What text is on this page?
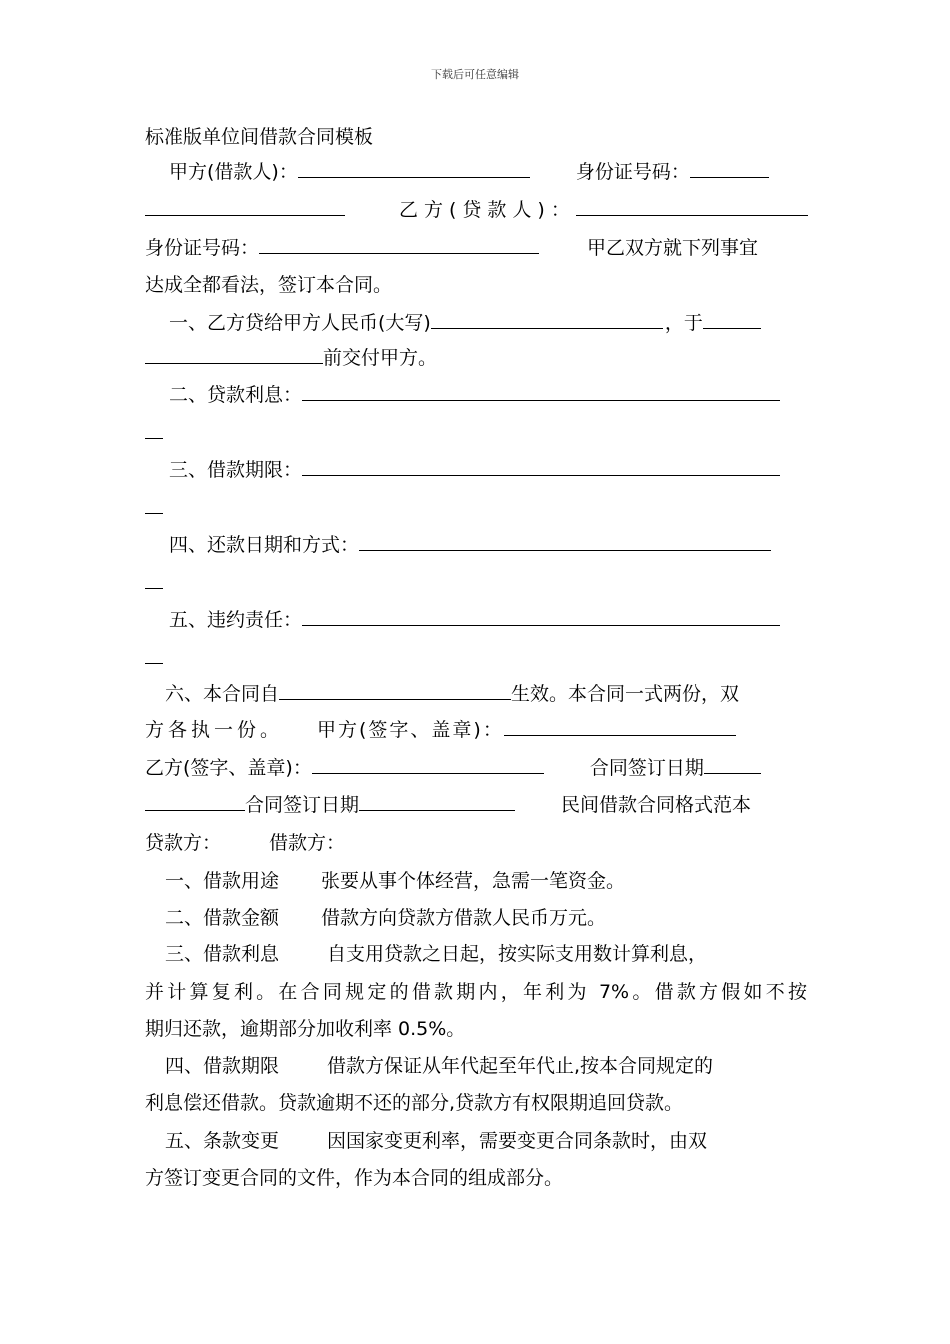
下载后可任意编辑
标准版单位间借款合同模板
甲方(借款人)：	身份证号码：
乙方(贷款人)：
身份证号码：	甲乙双方就下列事宜
达成全都看法，签订本合同。
一、乙方贷给甲方人民币(大写)	，于
前交付甲方。
二、贷款利息：
三、借款期限：
四、还款日期和方式：
五、违约责任：
六、本合同自	生效。本合同一式两份，双
方各执一份。 甲方(签字、盖章)：
乙方(签字、盖章)：	合同签订日期
合同签订日期	民间借款合同格式范本
贷款方：	借款方：
一、借款用途 张要从事个体经营，急需一笔资金。
二、借款金额 借款方向贷款方借款人民币万元。
三、借款利息	自支用贷款之日起，按实际支用数计算利息，
并计算复利。在合同规定的借款期内，年利为 7%。借款方假如不按
期归还款，逾期部分加收利率 0.5%。
四、借款期限	借款方保证从年代起至年代止,按本合同规定的
利息偿还借款。贷款逾期不还的部分,贷款方有权限期追回贷款。
五、条款变更	因国家变更利率，需要变更合同条款时，由双
方签订变更合同的文件，作为本合同的组成部分。
